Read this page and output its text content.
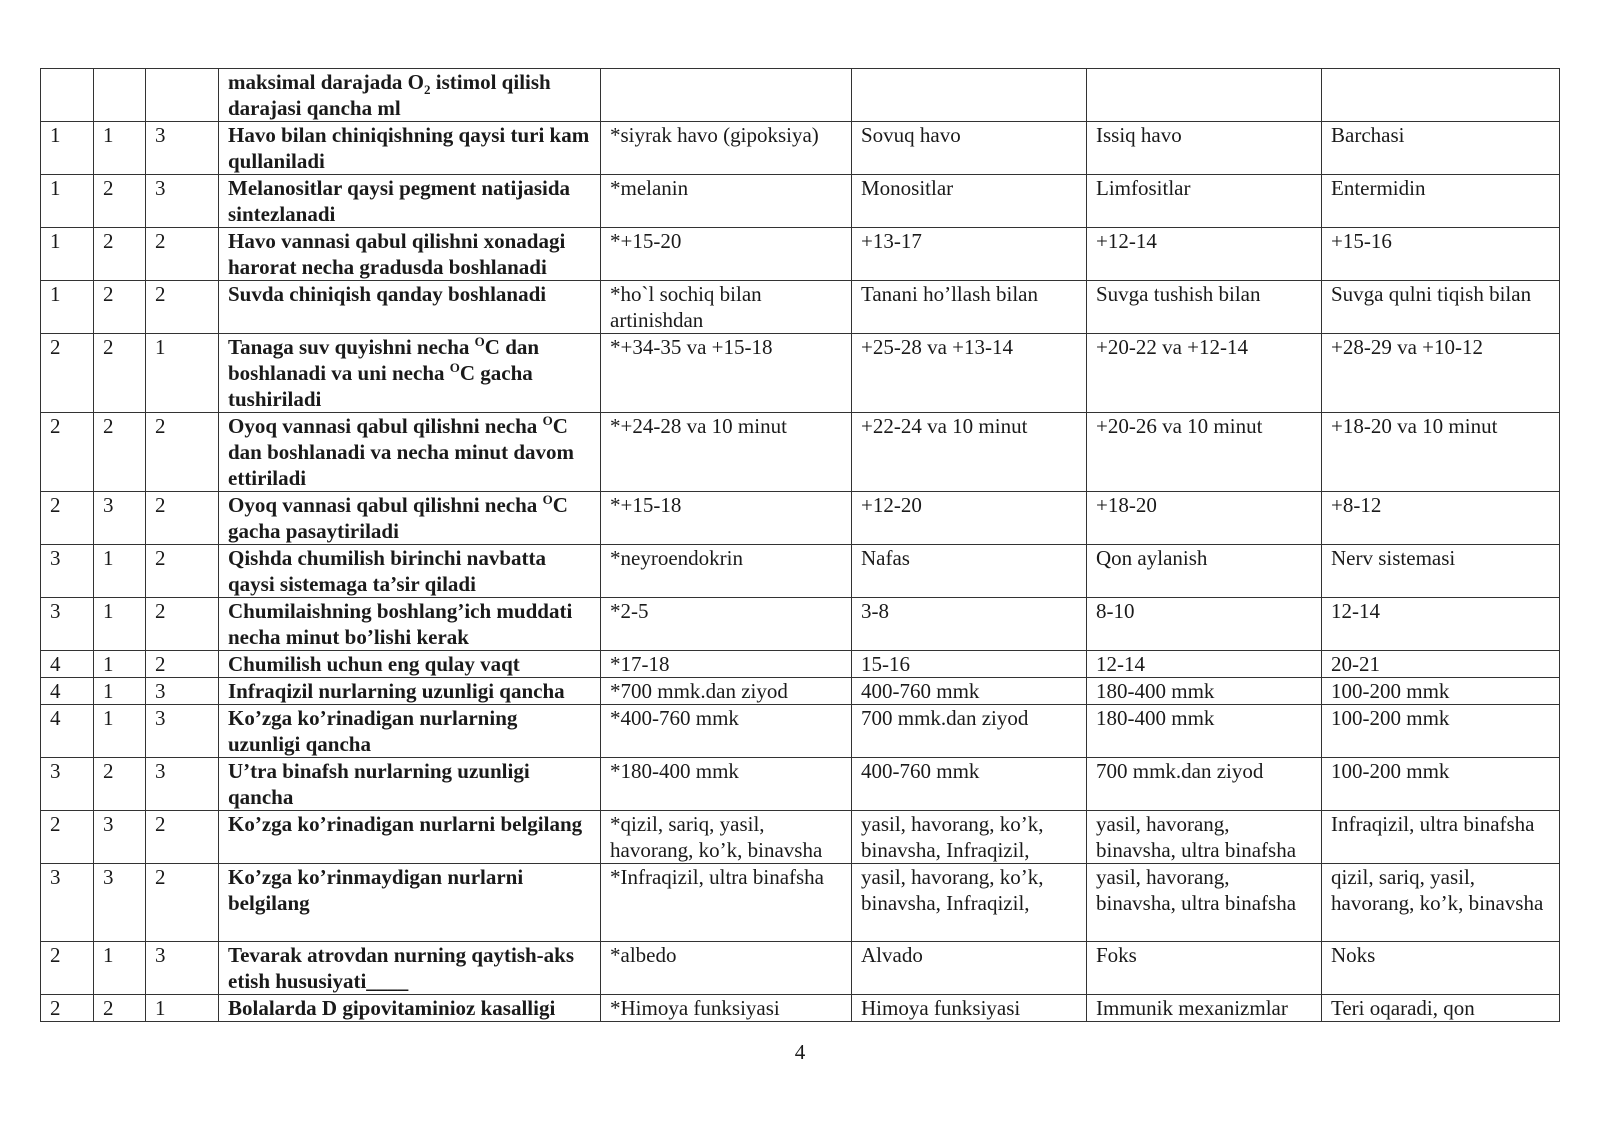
			maksimal darajada $O_2$ istimol qilish darajasi qancha ml				
1	1	3	Havo bilan chiniqishning qaysi turi kam qullaniladi	*siyrak havo (gipoksiya)	Sovuq havo	Issiq havo	Barchasi
1	2	3	Melanositlar qaysi pegment natijasida sintezlanadi	*melanin	Monositlar	Limfositlar	Entermidin
1	2	2	Havo vannasi qabul qilishni xonadagi harorat necha gradusda boshlanadi	*+15-20	+13-17	+12-14	+15-16
1	2	2	Suvda chiniqish qanday boshlanadi	*ho`l sochiq bilan artinishdan	Tanani ho’llash bilan	Suvga tushish bilan	Suvga qulni tiqish bilan
2	2	1	Tanaga suv quyishni necha $^O$C dan boshlanadi va uni necha $^O$C gacha tushiriladi	*+34-35 va +15-18	+25-28 va +13-14	+20-22 va +12-14	+28-29 va +10-12
2	2	2	Oyoq vannasi qabul qilishni necha $^O$C dan boshlanadi va necha minut davom ettiriladi	*+24-28 va 10 minut	+22-24 va 10 minut	+20-26 va 10 minut	+18-20 va 10 minut
2	3	2	Oyoq vannasi qabul qilishni necha $^O$C gacha pasaytiriladi	*+15-18	+12-20	+18-20	+8-12
3	1	2	Qishda chumilish birinchi navbatta qaysi sistemaga ta’sir qiladi	*neyroendokrin	Nafas	Qon aylanish	Nerv sistemasi
3	1	2	Chumilaishning boshlang’ich muddati necha minut bo’lishi kerak	*2-5	3-8	8-10	12-14
4	1	2	Chumilish uchun eng qulay vaqt	*17-18	15-16	12-14	20-21
4	1	3	Infraqizil nurlarning uzunligi qancha	*700 mmk.dan ziyod	400-760 mmk	180-400 mmk	100-200 mmk
4	1	3	Ko’zga ko’rinadigan nurlarning uzunligi qancha	*400-760 mmk	700 mmk.dan ziyod	180-400 mmk	100-200 mmk
3	2	3	U’tra binafsh nurlarning uzunligi qancha	*180-400 mmk	400-760 mmk	700 mmk.dan ziyod	100-200 mmk
2	3	2	Ko’zga ko’rinadigan nurlarni belgilang	*qizil, sariq, yasil, havorang, ko’k, binavsha	yasil, havorang, ko’k, binavsha, Infraqizil,	yasil, havorang, binavsha, ultra binafsha	Infraqizil, ultra binafsha
3	3	2	Ko’zga ko’rinmaydigan nurlarni belgilang	*Infraqizil, ultra binafsha	yasil, havorang, ko’k, binavsha, Infraqizil,	yasil, havorang, binavsha, ultra binafsha	qizil, sariq, yasil, havorang, ko’k, binavsha
2	1	3	Tevarak atrovdan nurning qaytish-aks etish hususiyati____	*albedo	Alvado	Foks	Noks
2	2	1	Bolalarda D gipovitaminioz kasalligi	*Himoya funksiyasi	Himoya funksiyasi	Immunik mexanizmlar	Teri oqaradi, qon
4
